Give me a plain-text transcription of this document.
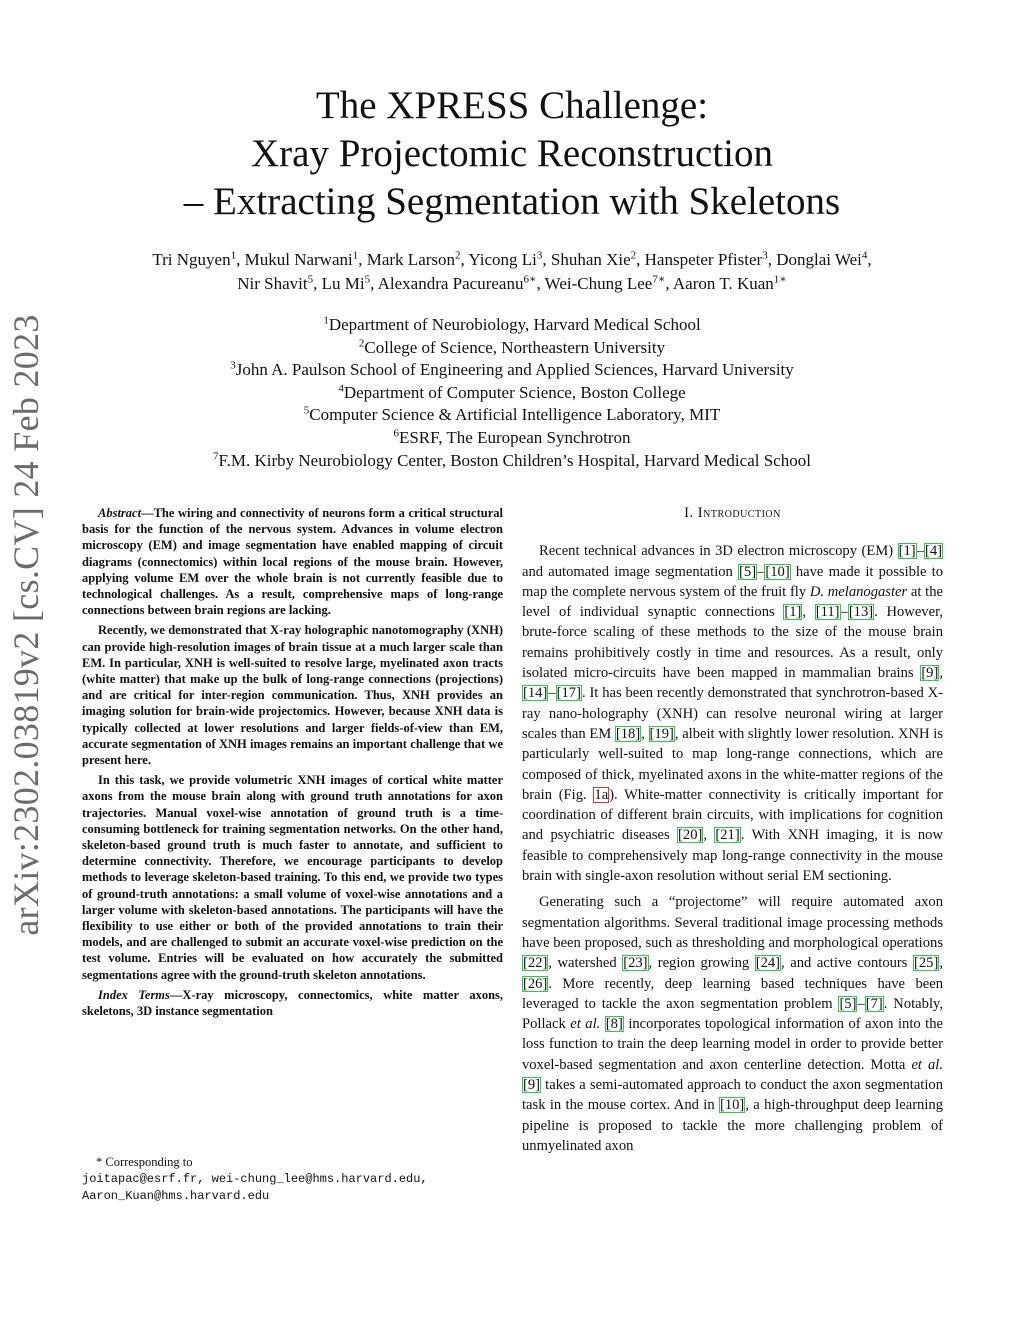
arXiv:2302.03819v2 [cs.CV] 24 Feb 2023
The XPRESS Challenge:
Xray Projectomic Reconstruction
– Extracting Segmentation with Skeletons
Tri Nguyen$^1$, Mukul Narwani$^1$, Mark Larson$^2$, Yicong Li$^3$, Shuhan Xie$^2$, Hanspeter Pfister$^3$, Donglai Wei$^4$,
Nir Shavit$^5$, Lu Mi$^5$, Alexandra Pacureanu$^{6∗}$, Wei-Chung Lee$^{7∗}$, Aaron T. Kuan$^{1∗}$
$^1$Department of Neurobiology, Harvard Medical School
$^2$College of Science, Northeastern University
$^3$John A. Paulson School of Engineering and Applied Sciences, Harvard University
$^4$Department of Computer Science, Boston College
$^5$Computer Science & Artificial Intelligence Laboratory, MIT
$^6$ESRF, The European Synchrotron
$^7$F.M. Kirby Neurobiology Center, Boston Children’s Hospital, Harvard Medical School

Abstract—The wiring and connectivity of neurons form a critical structural basis for the function of the nervous system. Advances in volume electron microscopy (EM) and image segmentation have enabled mapping of circuit diagrams (connectomics) within local regions of the mouse brain. However, applying volume EM over the whole brain is not currently feasible due to technological challenges. As a result, comprehensive maps of long-range connections between brain regions are lacking.

Recently, we demonstrated that X-ray holographic nanotomography (XNH) can provide high-resolution images of brain tissue at a much larger scale than EM. In particular, XNH is well-suited to resolve large, myelinated axon tracts (white matter) that make up the bulk of long-range connections (projections) and are critical for inter-region communication. Thus, XNH provides an imaging solution for brain-wide projectomics. However, because XNH data is typically collected at lower resolutions and larger fields-of-view than EM, accurate segmentation of XNH images remains an important challenge that we present here.

In this task, we provide volumetric XNH images of cortical white matter axons from the mouse brain along with ground truth annotations for axon trajectories. Manual voxel-wise annotation of ground truth is a time-consuming bottleneck for training segmentation networks. On the other hand, skeleton-based ground truth is much faster to annotate, and sufficient to determine connectivity. Therefore, we encourage participants to develop methods to leverage skeleton-based training. To this end, we provide two types of ground-truth annotations: a small volume of voxel-wise annotations and a larger volume with skeleton-based annotations. The participants will have the flexibility to use either or both of the provided annotations to train their models, and are challenged to submit an accurate voxel-wise prediction on the test volume. Entries will be evaluated on how accurately the submitted segmentations agree with the ground-truth skeleton annotations.

Index Terms—X-ray microscopy, connectomics, white matter axons, skeletons, 3D instance segmentation

* Corresponding to
joitapac@esrf.fr, wei-chung_lee@hms.harvard.edu,
Aaron_Kuan@hms.harvard.edu
I. Introduction

Recent technical advances in 3D electron microscopy (EM) [1]–[4] and automated image segmentation [5]–[10] have made it possible to map the complete nervous system of the fruit fly D. melanogaster at the level of individual synaptic connections [1], [11]–[13]. However, brute-force scaling of these methods to the size of the mouse brain remains prohibitively costly in time and resources. As a result, only isolated micro-circuits have been mapped in mammalian brains [9], [14]–[17]. It has been recently demonstrated that synchrotron-based X-ray nano-holography (XNH) can resolve neuronal wiring at larger scales than EM [18], [19], albeit with slightly lower resolution. XNH is particularly well-suited to map long-range connections, which are composed of thick, myelinated axons in the white-matter regions of the brain (Fig. 1a). White-matter connectivity is critically important for coordination of different brain circuits, with implications for cognition and psychiatric diseases [20], [21]. With XNH imaging, it is now feasible to comprehensively map long-range connectivity in the mouse brain with single-axon resolution without serial EM sectioning.

Generating such a “projectome” will require automated axon segmentation algorithms. Several traditional image processing methods have been proposed, such as thresholding and morphological operations [22], watershed [23], region growing [24], and active contours [25], [26]. More recently, deep learning based techniques have been leveraged to tackle the axon segmentation problem [5]–[7]. Notably, Pollack et al. [8] incorporates topological information of axon into the loss function to train the deep learning model in order to provide better voxel-based segmentation and axon centerline detection. Motta et al. [9] takes a semi-automated approach to conduct the axon segmentation task in the mouse cortex. And in [10], a high-throughput deep learning pipeline is proposed to tackle the more challenging problem of unmyelinated axon
